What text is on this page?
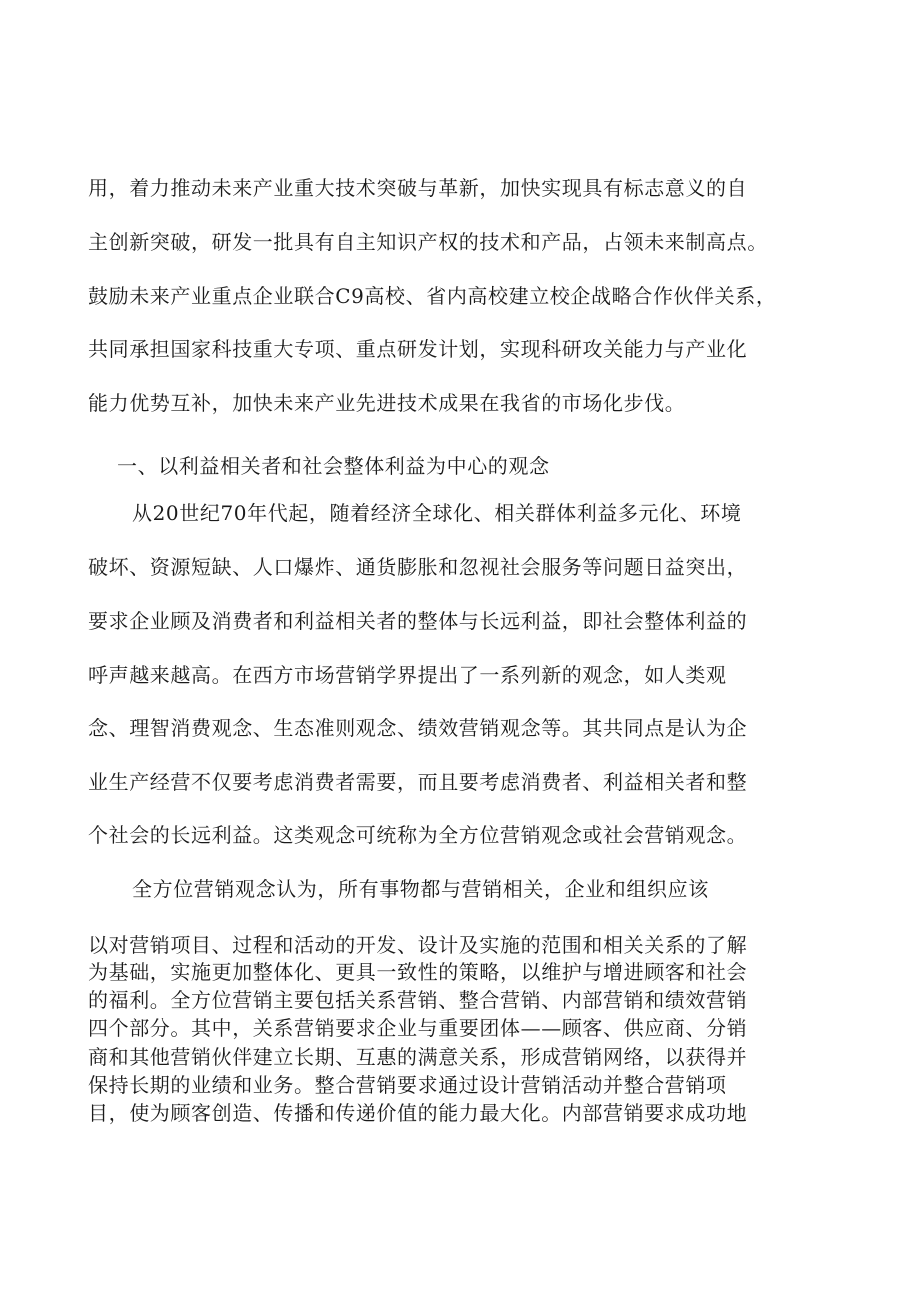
用，着力推动未来产业重大技术突破与革新，加快实现具有标志意义的自
主创新突破，研发一批具有自主知识产权的技术和产品，占领未来制高点。
鼓励未来产业重点企业联合C9高校、省内高校建立校企战略合作伙伴关系，
共同承担国家科技重大专项、重点研发计划，实现科研攻关能力与产业化
能力优势互补，加快未来产业先进技术成果在我省的市场化步伐。
一、以利益相关者和社会整体利益为中心的观念
从20世纪70年代起，随着经济全球化、相关群体利益多元化、环境
破坏、资源短缺、人口爆炸、通货膨胀和忽视社会服务等问题日益突出，
要求企业顾及消费者和利益相关者的整体与长远利益，即社会整体利益的
呼声越来越高。在西方市场营销学界提出了一系列新的观念，如人类观
念、理智消费观念、生态准则观念、绩效营销观念等。其共同点是认为企
业生产经营不仅要考虑消费者需要，而且要考虑消费者、利益相关者和整
个社会的长远利益。这类观念可统称为全方位营销观念或社会营销观念。
全方位营销观念认为，所有事物都与营销相关，企业和组织应该
以对营销项目、过程和活动的开发、设计及实施的范围和相关关系的了解
为基础，实施更加整体化、更具一致性的策略，以维护与增进顾客和社会
的福利。全方位营销主要包括关系营销、整合营销、内部营销和绩效营销
四个部分。其中，关系营销要求企业与重要团体——顾客、供应商、分销
商和其他营销伙伴建立长期、互惠的满意关系，形成营销网络，以获得并
保持长期的业绩和业务。整合营销要求通过设计营销活动并整合营销项
目，使为顾客创造、传播和传递价值的能力最大化。内部营销要求成功地
